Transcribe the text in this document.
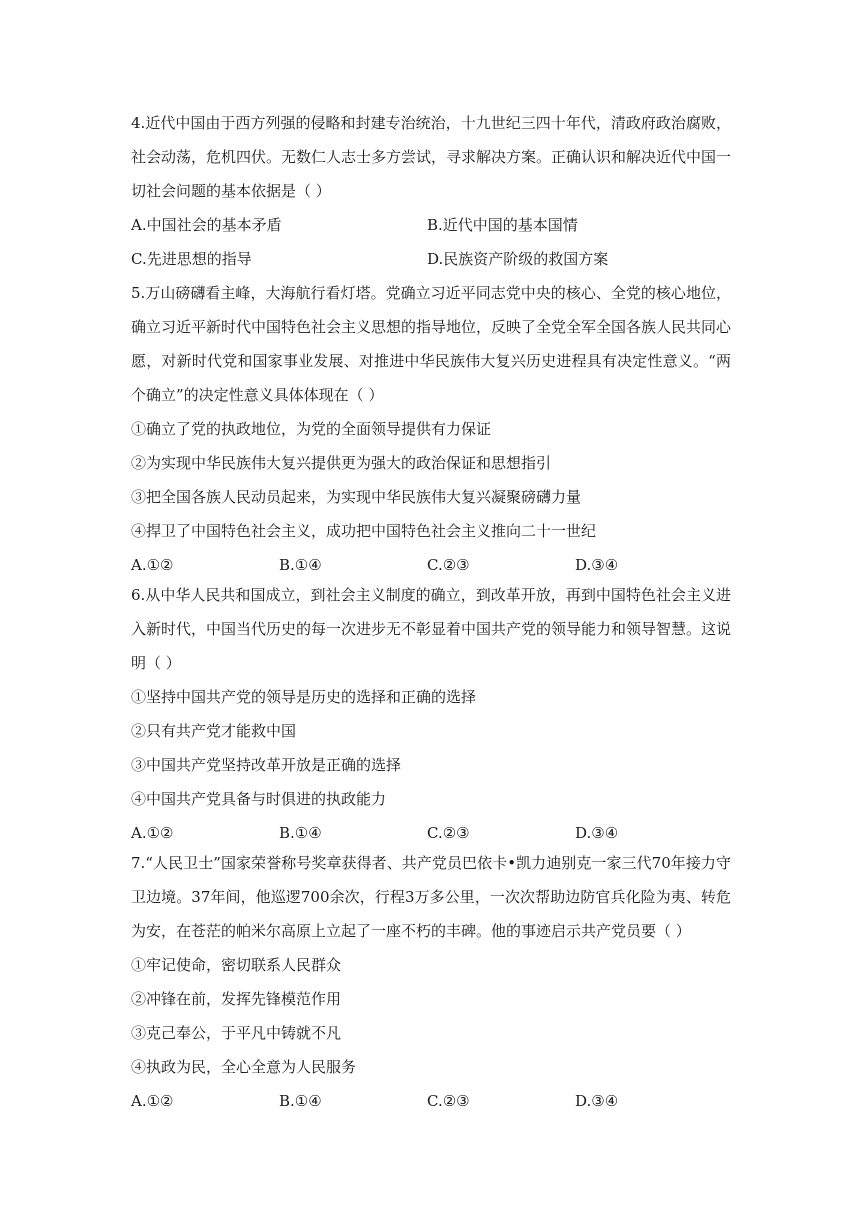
4.近代中国由于西方列强的侵略和封建专治统治，十九世纪三四十年代，清政府政治腐败，社会动荡，危机四伏。无数仁人志士多方尝试，寻求解决方案。正确认识和解决近代中国一切社会问题的基本依据是（ ）

A.中国社会的基本矛盾	B.近代中国的基本国情
C.先进思想的指导	D.民族资产阶级的救国方案

5.万山磅礴看主峰，大海航行看灯塔。党确立习近平同志党中央的核心、全党的核心地位，确立习近平新时代中国特色社会主义思想的指导地位，反映了全党全军全国各族人民共同心愿，对新时代党和国家事业发展、对推进中华民族伟大复兴历史进程具有决定性意义。“两个确立”的决定性意义具体体现在（ ）

①确立了党的执政地位，为党的全面领导提供有力保证

②为实现中华民族伟大复兴提供更为强大的政治保证和思想指引

③把全国各族人民动员起来，为实现中华民族伟大复兴凝聚磅礴力量

④捍卫了中国特色社会主义，成功把中国特色社会主义推向二十一世纪

A.①②	B.①④	C.②③	D.③④

6.从中华人民共和国成立，到社会主义制度的确立，到改革开放，再到中国特色社会主义进入新时代，中国当代历史的每一次进步无不彰显着中国共产党的领导能力和领导智慧。这说明（ ）

①坚持中国共产党的领导是历史的选择和正确的选择

②只有共产党才能救中国

③中国共产党坚持改革开放是正确的选择

④中国共产党具备与时俱进的执政能力

A.①②	B.①④	C.②③	D.③④

7.“人民卫士”国家荣誉称号奖章获得者、共产党员巴依卡•凯力迪别克一家三代70年接力守卫边境。37年间，他巡逻700余次，行程3万多公里，一次次帮助边防官兵化险为夷、转危为安，在苍茫的帕米尔高原上立起了一座不朽的丰碑。他的事迹启示共产党员要（ ）

①牢记使命，密切联系人民群众

②冲锋在前，发挥先锋模范作用

③克己奉公，于平凡中铸就不凡

④执政为民，全心全意为人民服务

A.①②	B.①④	C.②③	D.③④
